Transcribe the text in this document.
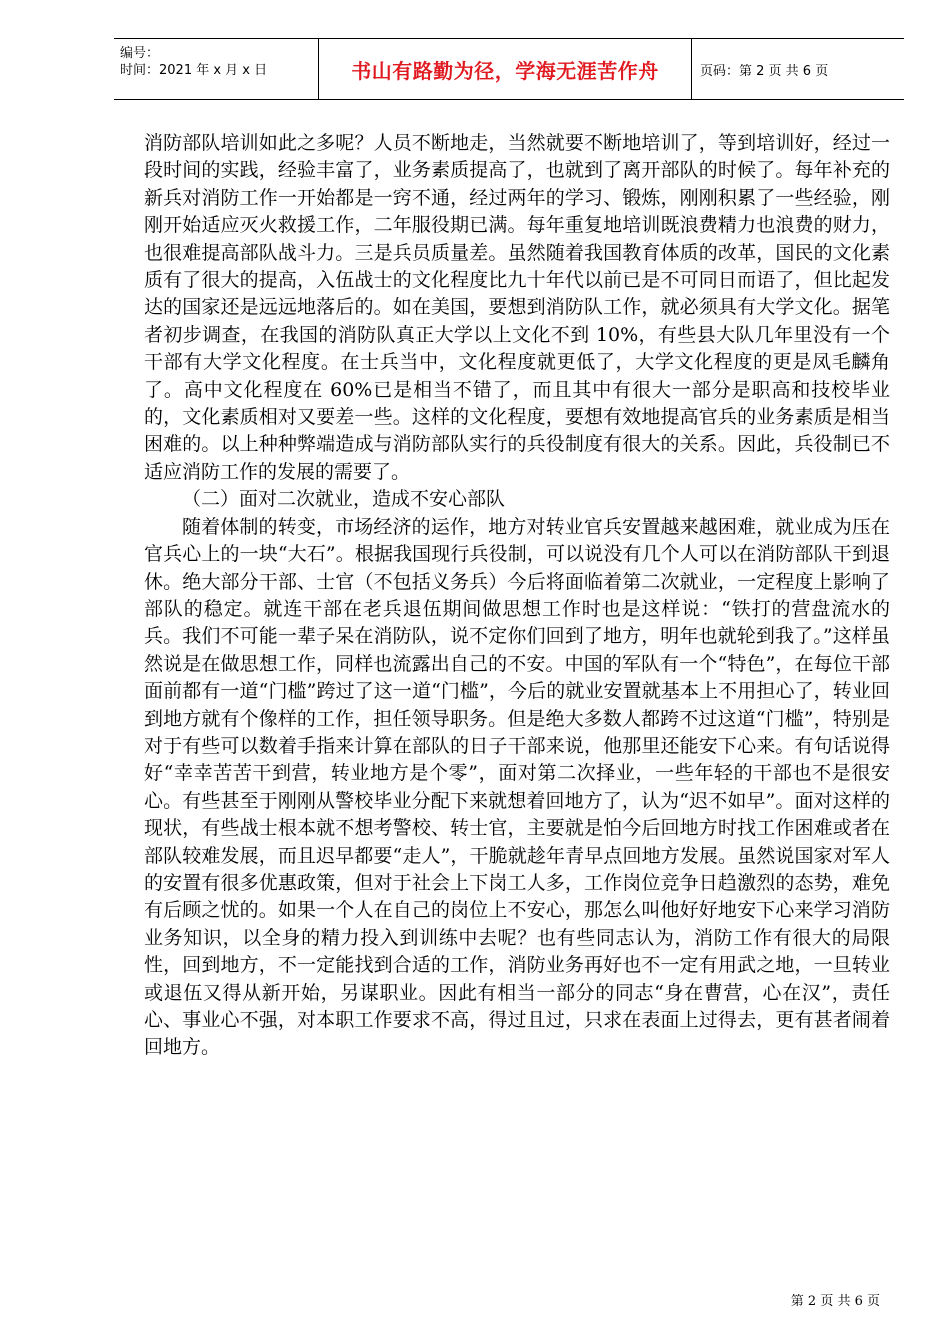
编号：
时间：2021 年 x 月 x 日	书山有路勤为径，学海无涯苦作舟	页码：第 2 页 共 6 页

消防部队培训如此之多呢？人员不断地走，当然就要不断地培训了，等到培训好，经过一段时间的实践，经验丰富了，业务素质提高了，也就到了离开部队的时候了。每年补充的新兵对消防工作一开始都是一窍不通，经过两年的学习、锻炼，刚刚积累了一些经验，刚刚开始适应灭火救援工作，二年服役期已满。每年重复地培训既浪费精力也浪费的财力，也很难提高部队战斗力。三是兵员质量差。虽然随着我国教育体质的改革，国民的文化素质有了很大的提高，入伍战士的文化程度比九十年代以前已是不可同日而语了，但比起发达的国家还是远远地落后的。如在美国，要想到消防队工作，就必须具有大学文化。据笔者初步调查，在我国的消防队真正大学以上文化不到 10%，有些县大队几年里没有一个干部有大学文化程度。在士兵当中，文化程度就更低了，大学文化程度的更是凤毛麟角了。高中文化程度在 60%已是相当不错了，而且其中有很大一部分是职高和技校毕业的，文化素质相对又要差一些。这样的文化程度，要想有效地提高官兵的业务素质是相当困难的。以上种种弊端造成与消防部队实行的兵役制度有很大的关系。因此，兵役制已不适应消防工作的发展的需要了。

（二）面对二次就业，造成不安心部队

随着体制的转变，市场经济的运作，地方对转业官兵安置越来越困难，就业成为压在官兵心上的一块“大石”。根据我国现行兵役制，可以说没有几个人可以在消防部队干到退休。绝大部分干部、士官（不包括义务兵）今后将面临着第二次就业，一定程度上影响了部队的稳定。就连干部在老兵退伍期间做思想工作时也是这样说：“铁打的营盘流水的兵。我们不可能一辈子呆在消防队，说不定你们回到了地方，明年也就轮到我了。”这样虽然说是在做思想工作，同样也流露出自己的不安。中国的军队有一个“特色”，在每位干部面前都有一道“门槛”跨过了这一道“门槛”，今后的就业安置就基本上不用担心了，转业回到地方就有个像样的工作，担任领导职务。但是绝大多数人都跨不过这道“门槛”，特别是对于有些可以数着手指来计算在部队的日子干部来说，他那里还能安下心来。有句话说得好“幸幸苦苦干到营，转业地方是个零”，面对第二次择业，一些年轻的干部也不是很安心。有些甚至于刚刚从警校毕业分配下来就想着回地方了，认为“迟不如早”。面对这样的现状，有些战士根本就不想考警校、转士官，主要就是怕今后回地方时找工作困难或者在部队较难发展，而且迟早都要“走人”，干脆就趁年青早点回地方发展。虽然说国家对军人的安置有很多优惠政策，但对于社会上下岗工人多，工作岗位竞争日趋激烈的态势，难免有后顾之忧的。如果一个人在自己的岗位上不安心，那怎么叫他好好地安下心来学习消防业务知识，以全身的精力投入到训练中去呢？也有些同志认为，消防工作有很大的局限性，回到地方，不一定能找到合适的工作，消防业务再好也不一定有用武之地，一旦转业或退伍又得从新开始，另谋职业。因此有相当一部分的同志“身在曹营，心在汉”，责任心、事业心不强，对本职工作要求不高，得过且过，只求在表面上过得去，更有甚者闹着回地方。

第 2 页 共 6 页
